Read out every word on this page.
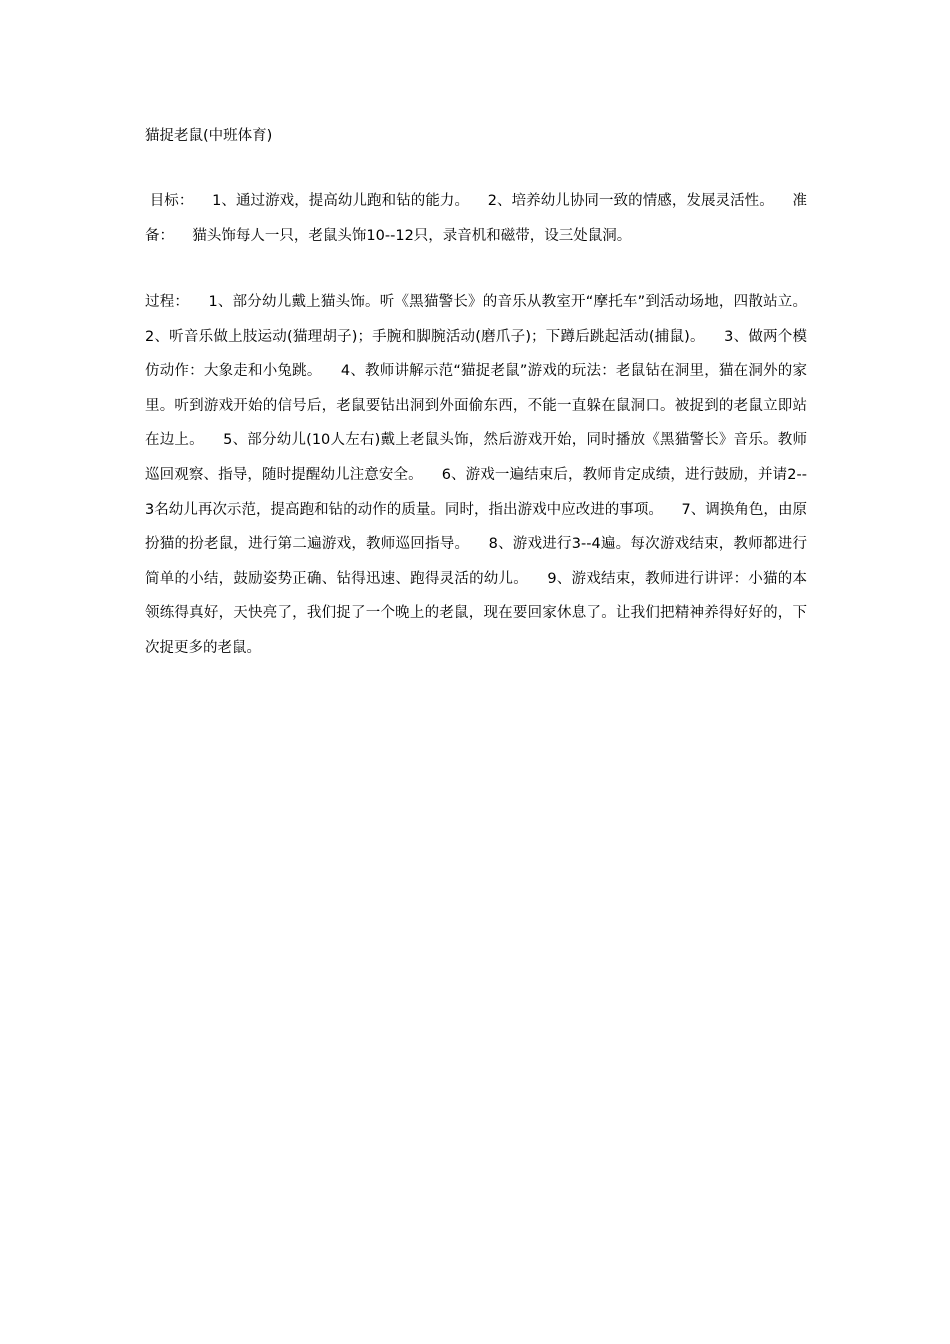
猫捉老鼠(中班体育)
目标：    1、通过游戏，提高幼儿跑和钻的能力。    2、培养幼儿协同一致的情感，发展灵活性。    准备：    猫头饰每人一只，老鼠头饰10--12只，录音机和磁带，设三处鼠洞。
过程：    1、部分幼儿戴上猫头饰。听《黑猫警长》的音乐从教室开“摩托车”到活动场地，四散站立。    2、听音乐做上肢运动(猫理胡子)；手腕和脚腕活动(磨爪子)；下蹲后跳起活动(捕鼠)。    3、做两个模仿动作：大象走和小兔跳。    4、教师讲解示范“猫捉老鼠”游戏的玩法：老鼠钻在洞里，猫在洞外的家里。听到游戏开始的信号后，老鼠要钻出洞到外面偷东西，不能一直躲在鼠洞口。被捉到的老鼠立即站在边上。    5、部分幼儿(10人左右)戴上老鼠头饰，然后游戏开始，同时播放《黑猫警长》音乐。教师巡回观察、指导，随时提醒幼儿注意安全。    6、游戏一遍结束后，教师肯定成绩，进行鼓励，并请2--3名幼儿再次示范，提高跑和钻的动作的质量。同时，指出游戏中应改进的事项。    7、调换角色，由原扮猫的扮老鼠，进行第二遍游戏，教师巡回指导。    8、游戏进行3--4遍。每次游戏结束，教师都进行简单的小结，鼓励姿势正确、钻得迅速、跑得灵活的幼儿。    9、游戏结束，教师进行讲评：小猫的本领练得真好，天快亮了，我们捉了一个晚上的老鼠，现在要回家休息了。让我们把精神养得好好的，下次捉更多的老鼠。
